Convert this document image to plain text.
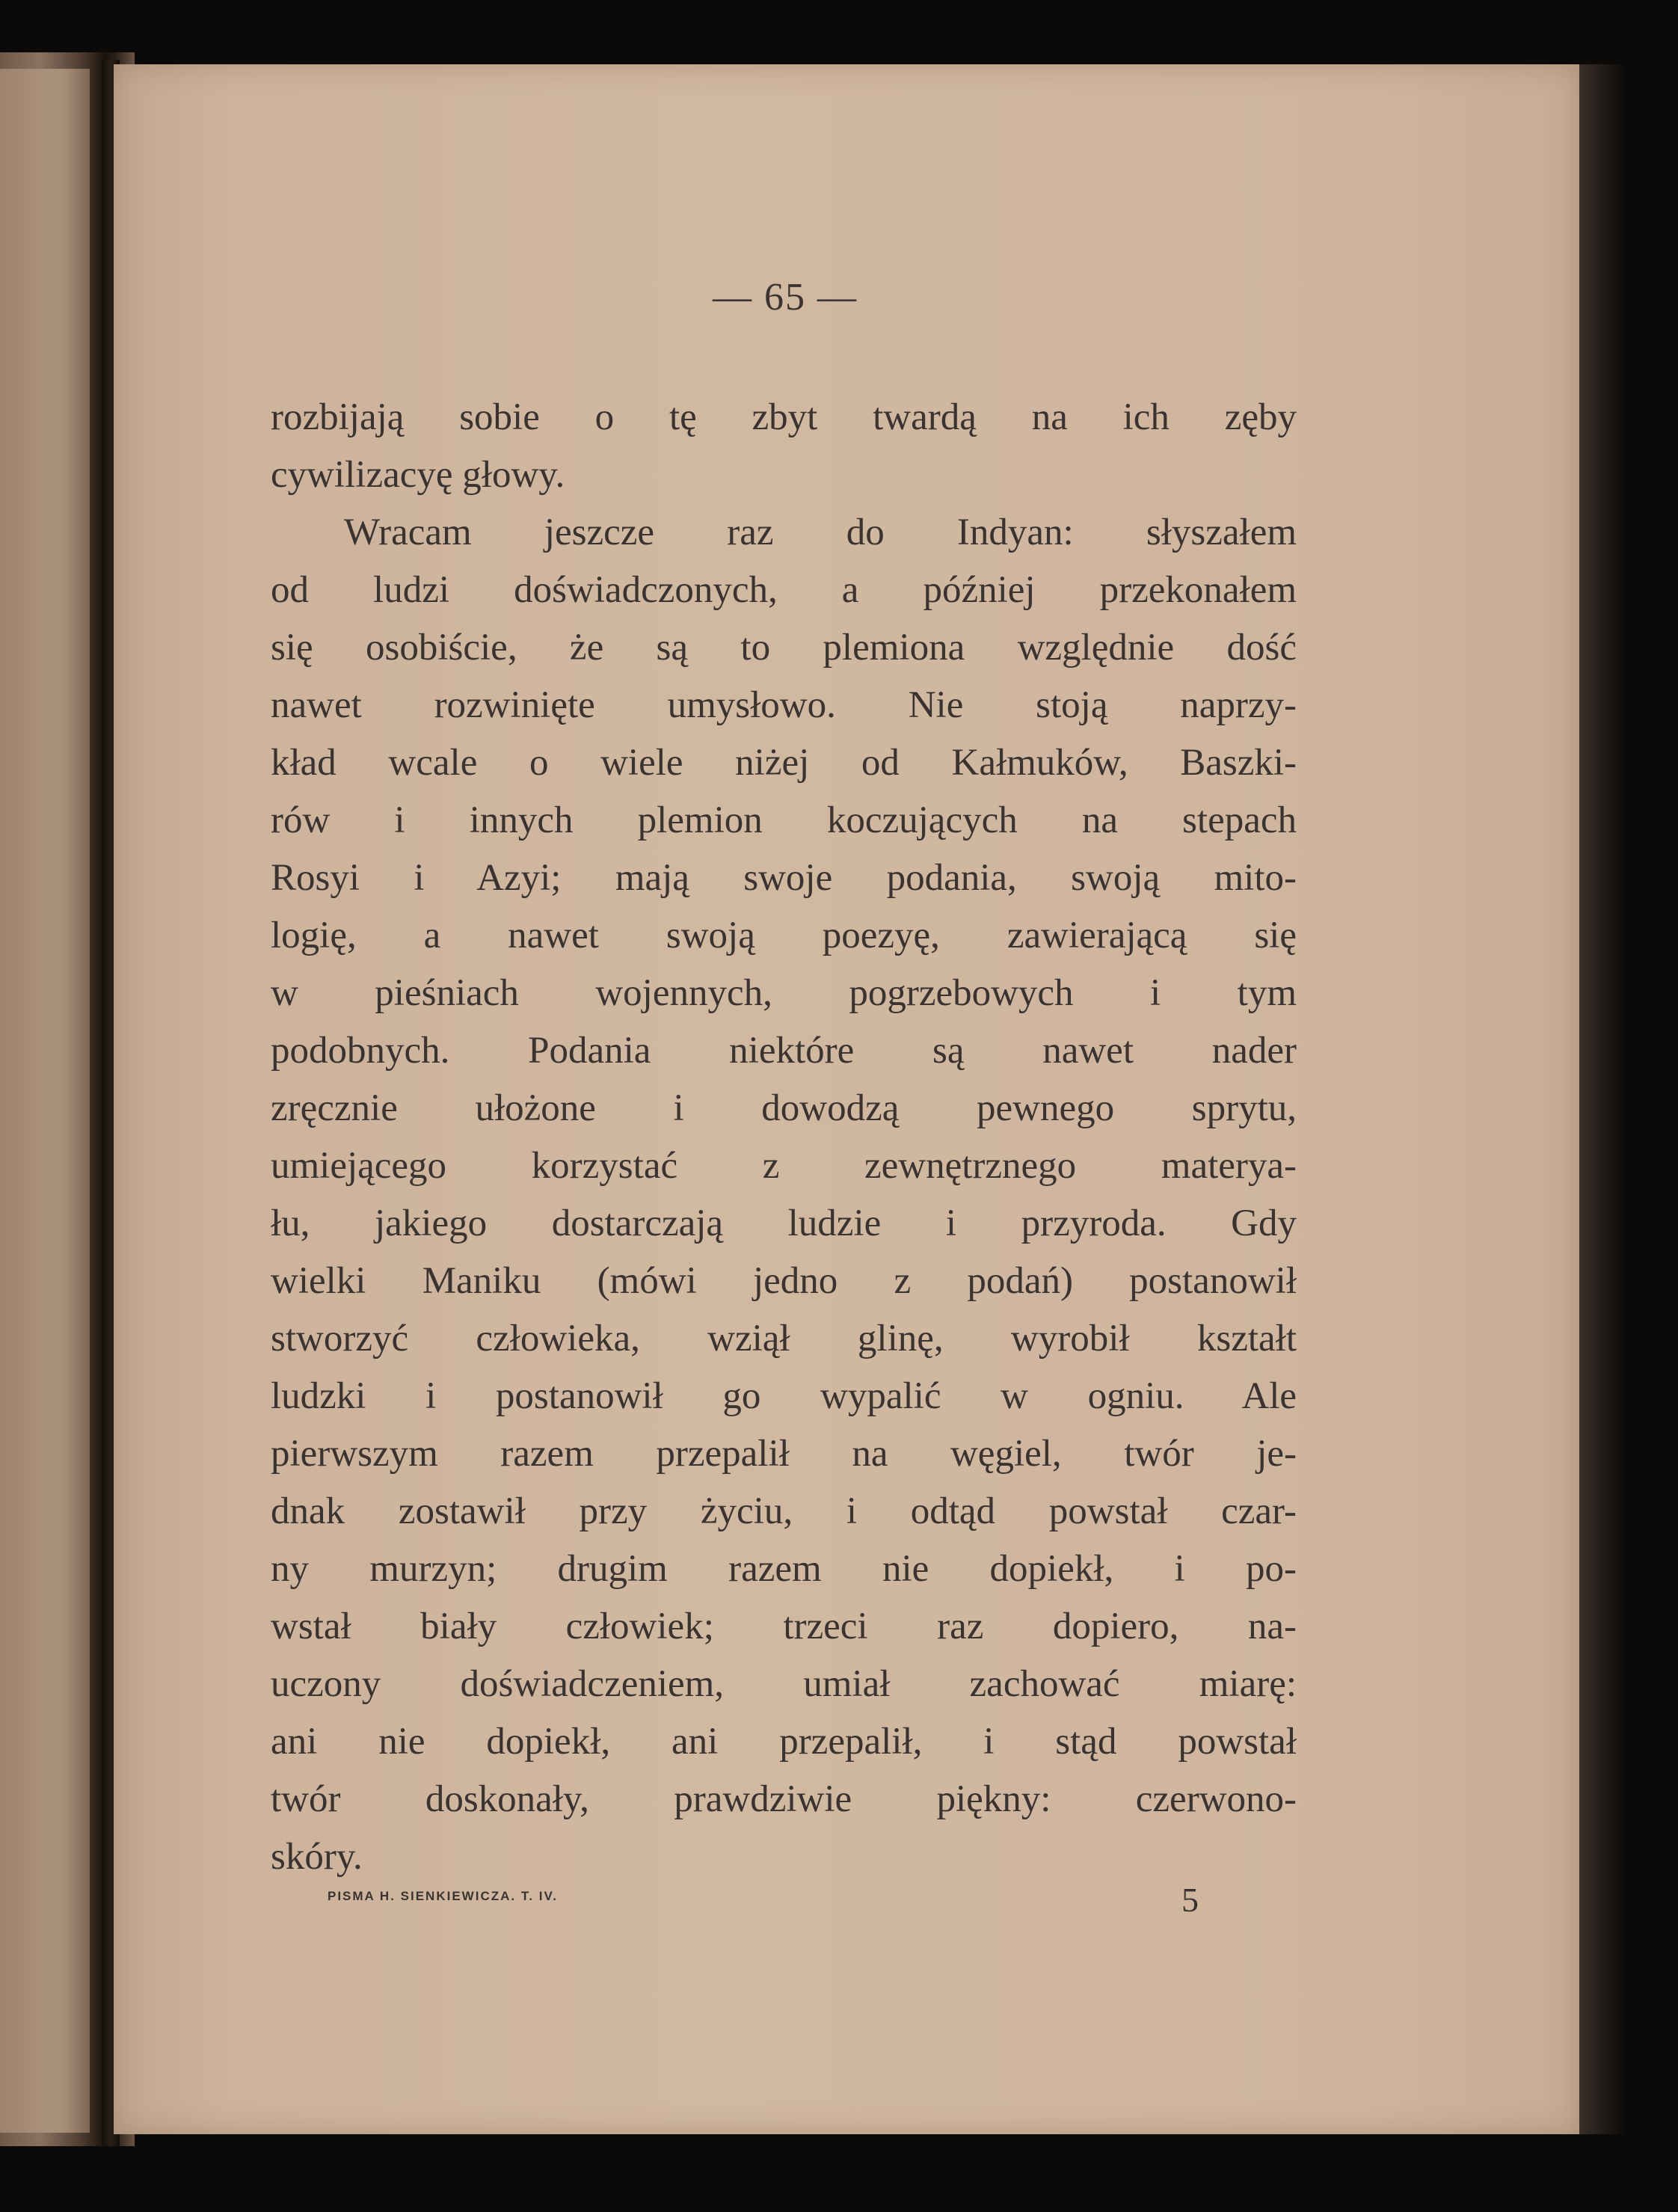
— 65 —
rozbijają sobie o tę zbyt twardą na ich zęby
cywilizacyę głowy.
Wracam jeszcze raz do Indyan: słyszałem
od ludzi doświadczonych, a później przekonałem
się osobiście, że są to plemiona względnie dość
nawet rozwinięte umysłowo. Nie stoją naprzy-
kład wcale o wiele niżej od Kałmuków, Baszki-
rów i innych plemion koczujących na stepach
Rosyi i Azyi; mają swoje podania, swoją mito-
logię, a nawet swoją poezyę, zawierającą się
w pieśniach wojennych, pogrzebowych i tym
podobnych. Podania niektóre są nawet nader
zręcznie ułożone i dowodzą pewnego sprytu,
umiejącego korzystać z zewnętrznego materya-
łu, jakiego dostarczają ludzie i przyroda. Gdy
wielki Maniku (mówi jedno z podań) postanowił
stworzyć człowieka, wziął glinę, wyrobił kształt
ludzki i postanowił go wypalić w ogniu. Ale
pierwszym razem przepalił na węgiel, twór je-
dnak zostawił przy życiu, i odtąd powstał czar-
ny murzyn; drugim razem nie dopiekł, i po-
wstał biały człowiek; trzeci raz dopiero, na-
uczony doświadczeniem, umiał zachować miarę:
ani nie dopiekł, ani przepalił, i stąd powstał
twór doskonały, prawdziwie piękny: czerwono-
skóry.
PISMA H. SIENKIEWICZA. T. IV.	5
